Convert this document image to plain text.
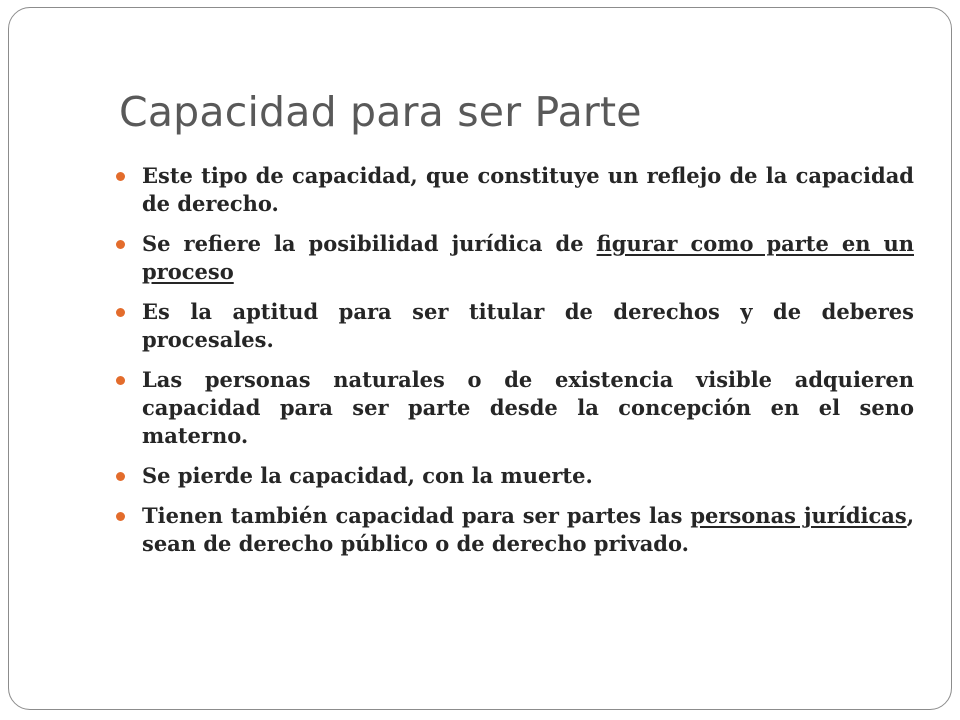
Capacidad para ser Parte
Este tipo de capacidad, que constituye un reflejo de la capacidad de derecho.
Se refiere la posibilidad jurídica de figurar como parte en un proceso
Es la aptitud para ser titular de derechos y de deberes procesales.
Las personas naturales o de existencia visible adquieren capacidad para ser parte desde la concepción en el seno materno.
Se pierde la capacidad, con la muerte.
Tienen también capacidad para ser partes las personas jurídicas, sean de derecho público o de derecho privado.
